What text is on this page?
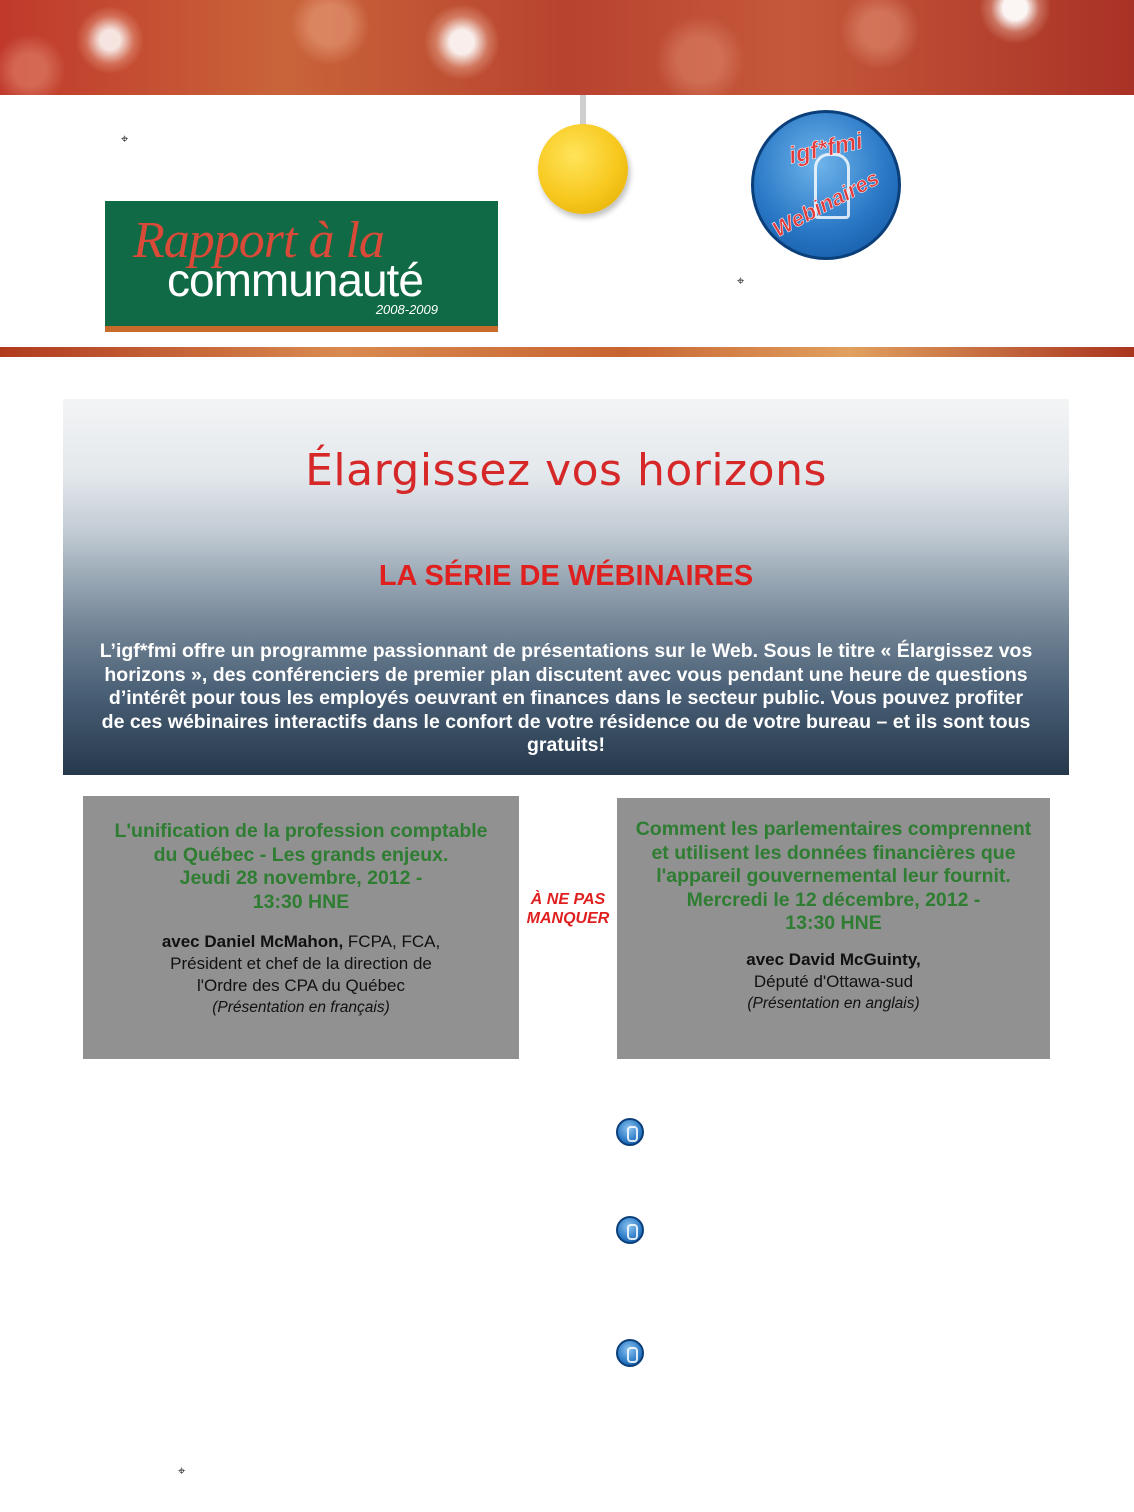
⌖
⌖
Rapport à la
communauté
2008-2009
igf*fmi
Webinaires
Élargissez vos horizons
LA SÉRIE DE WÉBINAIRES
L’igf*fmi offre un programme passionnant de présentations sur le Web. Sous le titre « Élargissez vos horizons », des conférenciers de premier plan discutent avec vous pendant une heure de questions d’intérêt pour tous les employés oeuvrant en finances dans le secteur public. Vous pouvez profiter de ces wébinaires interactifs dans le confort de votre résidence ou de votre bureau – et ils sont tous gratuits!
L'unification de la profession comptable
du Québec - Les grands enjeux.
Jeudi 28 novembre, 2012 -
13:30 HNE
avec Daniel McMahon, FCPA, FCA,
Président et chef de la direction de
l'Ordre des CPA du Québec
(Présentation en français)
À NE PAS
MANQUER
Comment les parlementaires comprennent
et utilisent les données financières que
l'appareil gouvernemental leur fournit.
Mercredi le 12 décembre, 2012 -
13:30 HNE
avec David McGuinty,
Député d'Ottawa-sud
(Présentation en anglais)
⌖
